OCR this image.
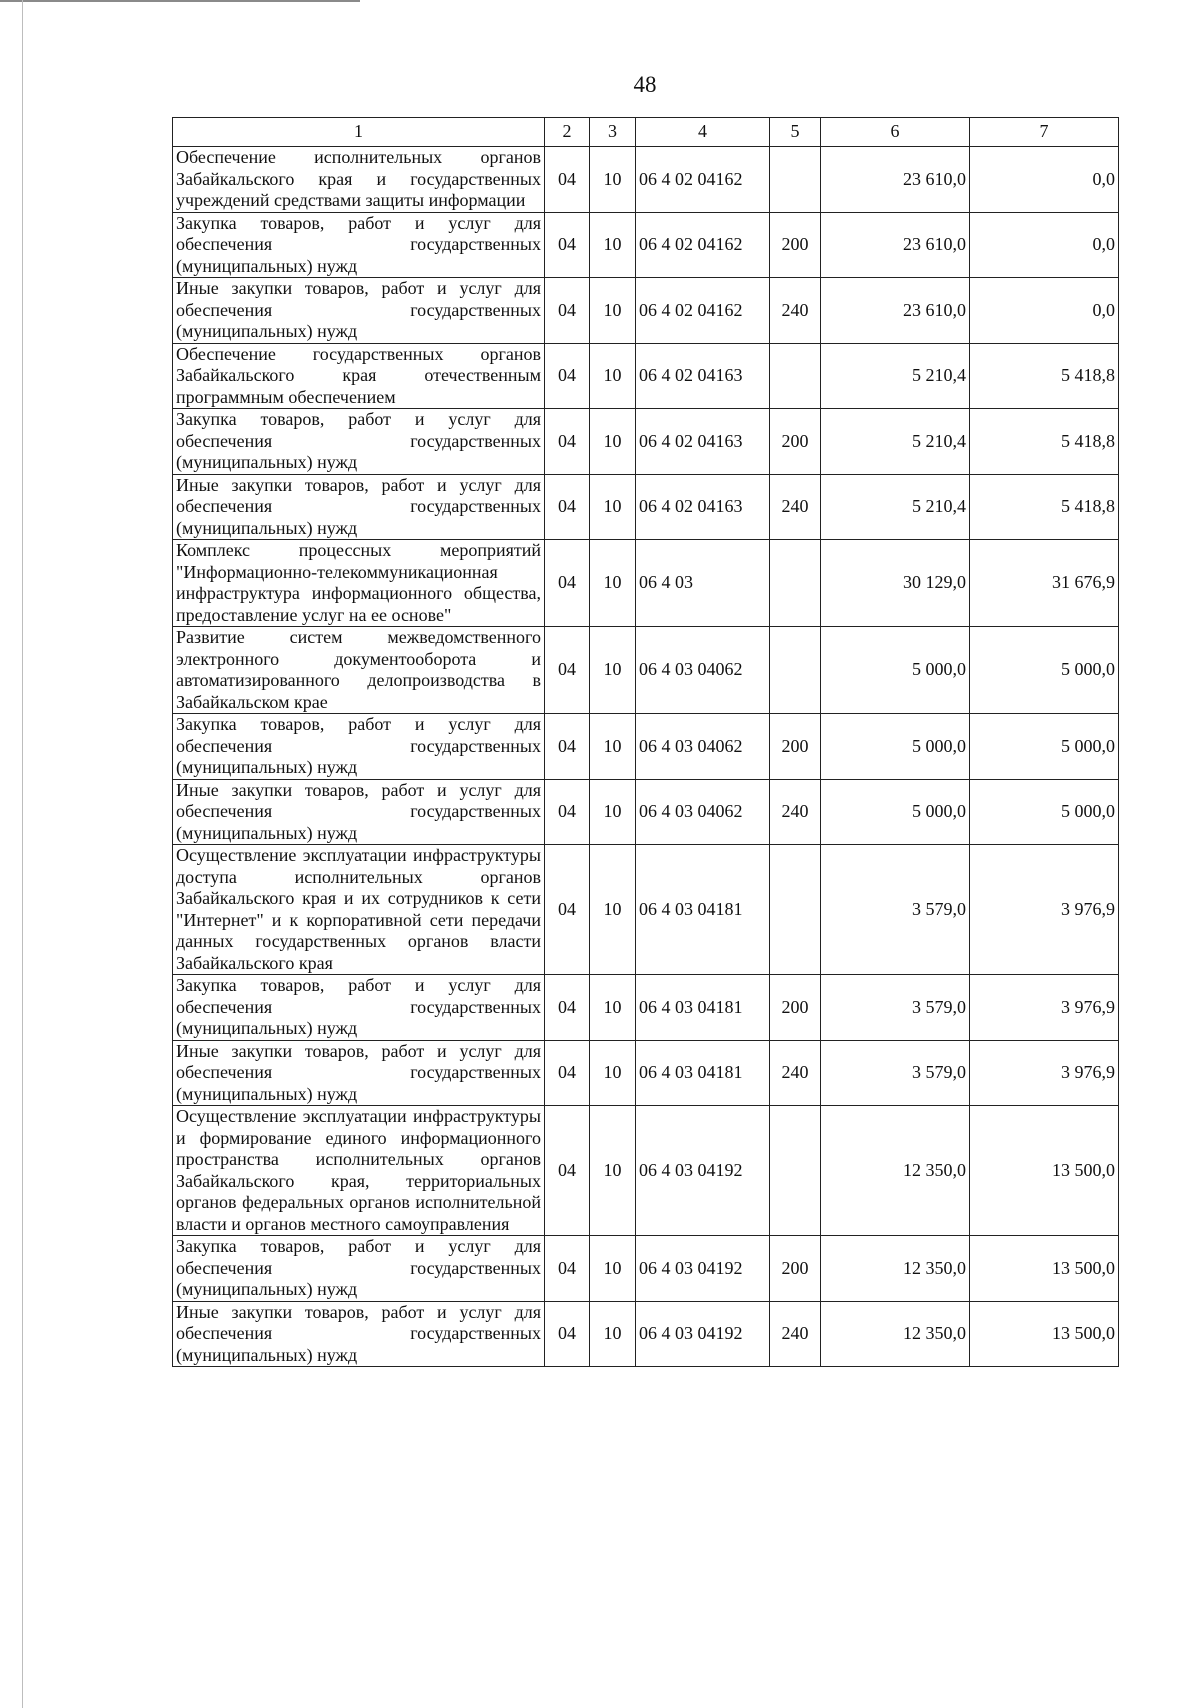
48
1	2	3	4	5	6	7
Обеспечение исполнительных органов Забайкальского края и государственных учреждений средствами защиты информации	04	10	06 4 02 04162		23 610,0	0,0
Закупка товаров, работ и услуг для обеспечения государственных (муниципальных) нужд	04	10	06 4 02 04162	200	23 610,0	0,0
Иные закупки товаров, работ и услуг для обеспечения государственных (муниципальных) нужд	04	10	06 4 02 04162	240	23 610,0	0,0
Обеспечение государственных органов Забайкальского края отечественным программным обеспечением	04	10	06 4 02 04163		5 210,4	5 418,8
Закупка товаров, работ и услуг для обеспечения государственных (муниципальных) нужд	04	10	06 4 02 04163	200	5 210,4	5 418,8
Иные закупки товаров, работ и услуг для обеспечения государственных (муниципальных) нужд	04	10	06 4 02 04163	240	5 210,4	5 418,8
Комплекс процессных мероприятий "Информационно-телекоммуникационная инфраструктура информационного общества, предоставление услуг на ее основе"	04	10	06 4 03		30 129,0	31 676,9
Развитие систем межведомственного электронного документооборота и автоматизированного делопроизводства в Забайкальском крае	04	10	06 4 03 04062		5 000,0	5 000,0
Закупка товаров, работ и услуг для обеспечения государственных (муниципальных) нужд	04	10	06 4 03 04062	200	5 000,0	5 000,0
Иные закупки товаров, работ и услуг для обеспечения государственных (муниципальных) нужд	04	10	06 4 03 04062	240	5 000,0	5 000,0
Осуществление эксплуатации инфраструктуры доступа исполнительных органов Забайкальского края и их сотрудников к сети "Интернет" и к корпоративной сети передачи данных государственных органов власти Забайкальского края	04	10	06 4 03 04181		3 579,0	3 976,9
Закупка товаров, работ и услуг для обеспечения государственных (муниципальных) нужд	04	10	06 4 03 04181	200	3 579,0	3 976,9
Иные закупки товаров, работ и услуг для обеспечения государственных (муниципальных) нужд	04	10	06 4 03 04181	240	3 579,0	3 976,9
Осуществление эксплуатации инфраструктуры и формирование единого информационного пространства исполнительных органов Забайкальского края, территориальных органов федеральных органов исполнительной власти и органов местного самоуправления	04	10	06 4 03 04192		12 350,0	13 500,0
Закупка товаров, работ и услуг для обеспечения государственных (муниципальных) нужд	04	10	06 4 03 04192	200	12 350,0	13 500,0
Иные закупки товаров, работ и услуг для обеспечения государственных (муниципальных) нужд	04	10	06 4 03 04192	240	12 350,0	13 500,0
